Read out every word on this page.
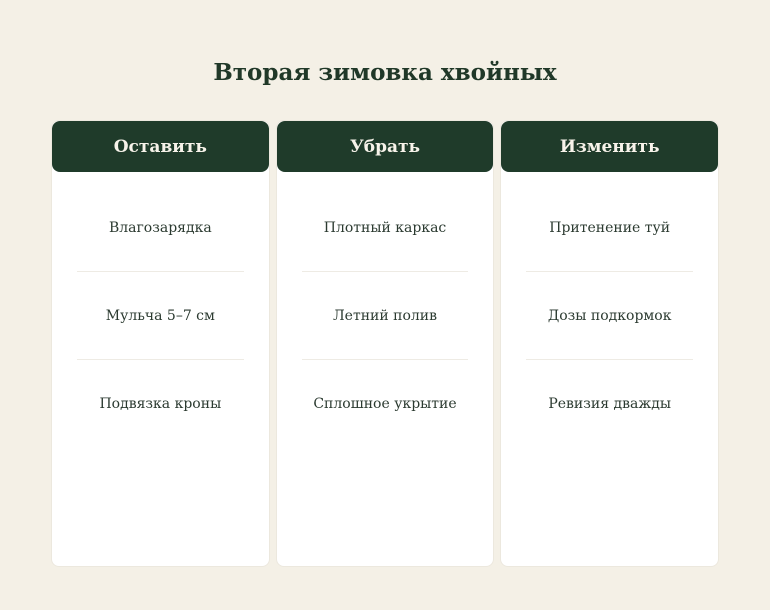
Вторая зимовка хвойных
Оставить
Влагозарядка
Мульча 5–7 см
Подвязка кроны
Убрать
Плотный каркас
Летний полив
Сплошное укрытие
Изменить
Притенение туй
Дозы подкормок
Ревизия дважды
